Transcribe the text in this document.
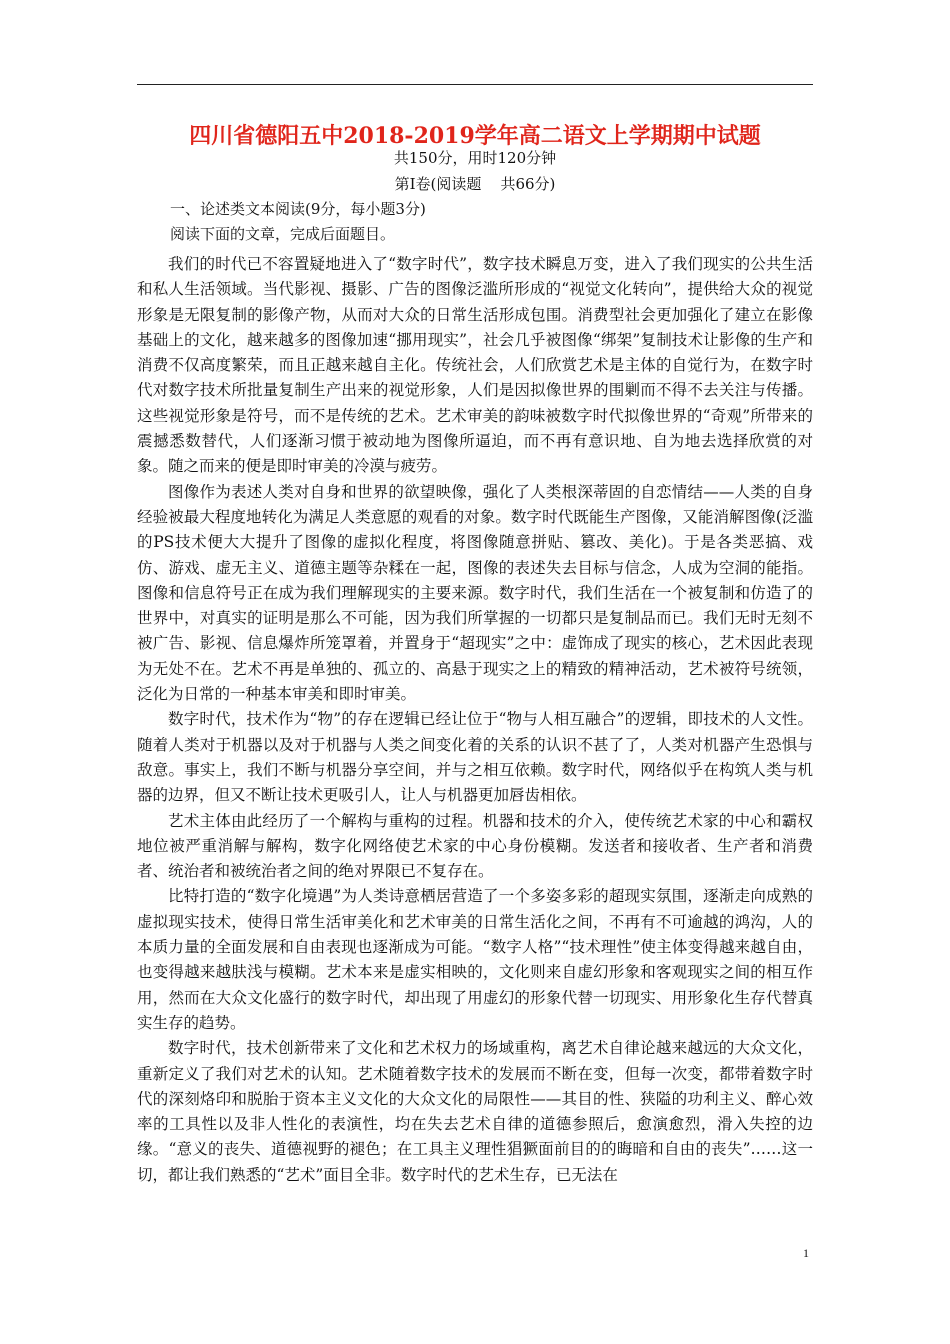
四川省德阳五中2018-2019学年高二语文上学期期中试题
共150分，用时120分钟
第Ⅰ卷(阅读题    共66分)
一、论述类文本阅读(9分，每小题3分)
阅读下面的文章，完成后面题目。

我们的时代已不容置疑地进入了“数字时代”，数字技术瞬息万变，进入了我们现实的公共生活和私人生活领域。当代影视、摄影、广告的图像泛滥所形成的“视觉文化转向”，提供给大众的视觉形象是无限复制的影像产物，从而对大众的日常生活形成包围。消费型社会更加强化了建立在影像基础上的文化，越来越多的图像加速“挪用现实”，社会几乎被图像“绑架”复制技术让影像的生产和消费不仅高度繁荣，而且正越来越自主化。传统社会，人们欣赏艺术是主体的自觉行为，在数字时代对数字技术所批量复制生产出来的视觉形象，人们是因拟像世界的围剿而不得不去关注与传播。这些视觉形象是符号，而不是传统的艺术。艺术审美的韵味被数字时代拟像世界的“奇观”所带来的震撼悉数替代，人们逐渐习惯于被动地为图像所逼迫，而不再有意识地、自为地去选择欣赏的对象。随之而来的便是即时审美的冷漠与疲劳。

图像作为表述人类对自身和世界的欲望映像，强化了人类根深蒂固的自恋情结——人类的自身经验被最大程度地转化为满足人类意愿的观看的对象。数字时代既能生产图像，又能消解图像(泛滥的PS技术便大大提升了图像的虚拟化程度，将图像随意拼贴、篡改、美化)。于是各类恶搞、戏仿、游戏、虚无主义、道德主题等杂糅在一起，图像的表述失去目标与信念，人成为空洞的能指。图像和信息符号正在成为我们理解现实的主要来源。数字时代，我们生活在一个被复制和仿造了的世界中，对真实的证明是那么不可能，因为我们所掌握的一切都只是复制品而已。我们无时无刻不被广告、影视、信息爆炸所笼罩着，并置身于“超现实”之中：虚饰成了现实的核心，艺术因此表现为无处不在。艺术不再是单独的、孤立的、高悬于现实之上的精致的精神活动，艺术被符号统领，泛化为日常的一种基本审美和即时审美。

数字时代，技术作为“物”的存在逻辑已经让位于“物与人相互融合”的逻辑，即技术的人文性。随着人类对于机器以及对于机器与人类之间变化着的关系的认识不甚了了，人类对机器产生恐惧与敌意。事实上，我们不断与机器分享空间，并与之相互依赖。数字时代，网络似乎在构筑人类与机器的边界，但又不断让技术更吸引人，让人与机器更加唇齿相依。

艺术主体由此经历了一个解构与重构的过程。机器和技术的介入，使传统艺术家的中心和霸权地位被严重消解与解构，数字化网络使艺术家的中心身份模糊。发送者和接收者、生产者和消费者、统治者和被统治者之间的绝对界限已不复存在。

比特打造的“数字化境遇”为人类诗意栖居营造了一个多姿多彩的超现实氛围，逐渐走向成熟的虚拟现实技术，使得日常生活审美化和艺术审美的日常生活化之间，不再有不可逾越的鸿沟，人的本质力量的全面发展和自由表现也逐渐成为可能。“数字人格”“技术理性”使主体变得越来越自由，也变得越来越肤浅与模糊。艺术本来是虚实相映的，文化则来自虚幻形象和客观现实之间的相互作用，然而在大众文化盛行的数字时代，却出现了用虚幻的形象代替一切现实、用形象化生存代替真实生存的趋势。

数字时代，技术创新带来了文化和艺术权力的场域重构，离艺术自律论越来越远的大众文化，重新定义了我们对艺术的认知。艺术随着数字技术的发展而不断在变，但每一次变，都带着数字时代的深刻烙印和脱胎于资本主义文化的大众文化的局限性——其目的性、狭隘的功利主义、醉心效率的工具性以及非人性化的表演性，均在失去艺术自律的道德参照后，愈演愈烈，滑入失控的边缘。“意义的丧失、道德视野的褪色；在工具主义理性猖獗面前目的的晦暗和自由的丧失”……这一切，都让我们熟悉的“艺术”面目全非。数字时代的艺术生存，已无法在

1
